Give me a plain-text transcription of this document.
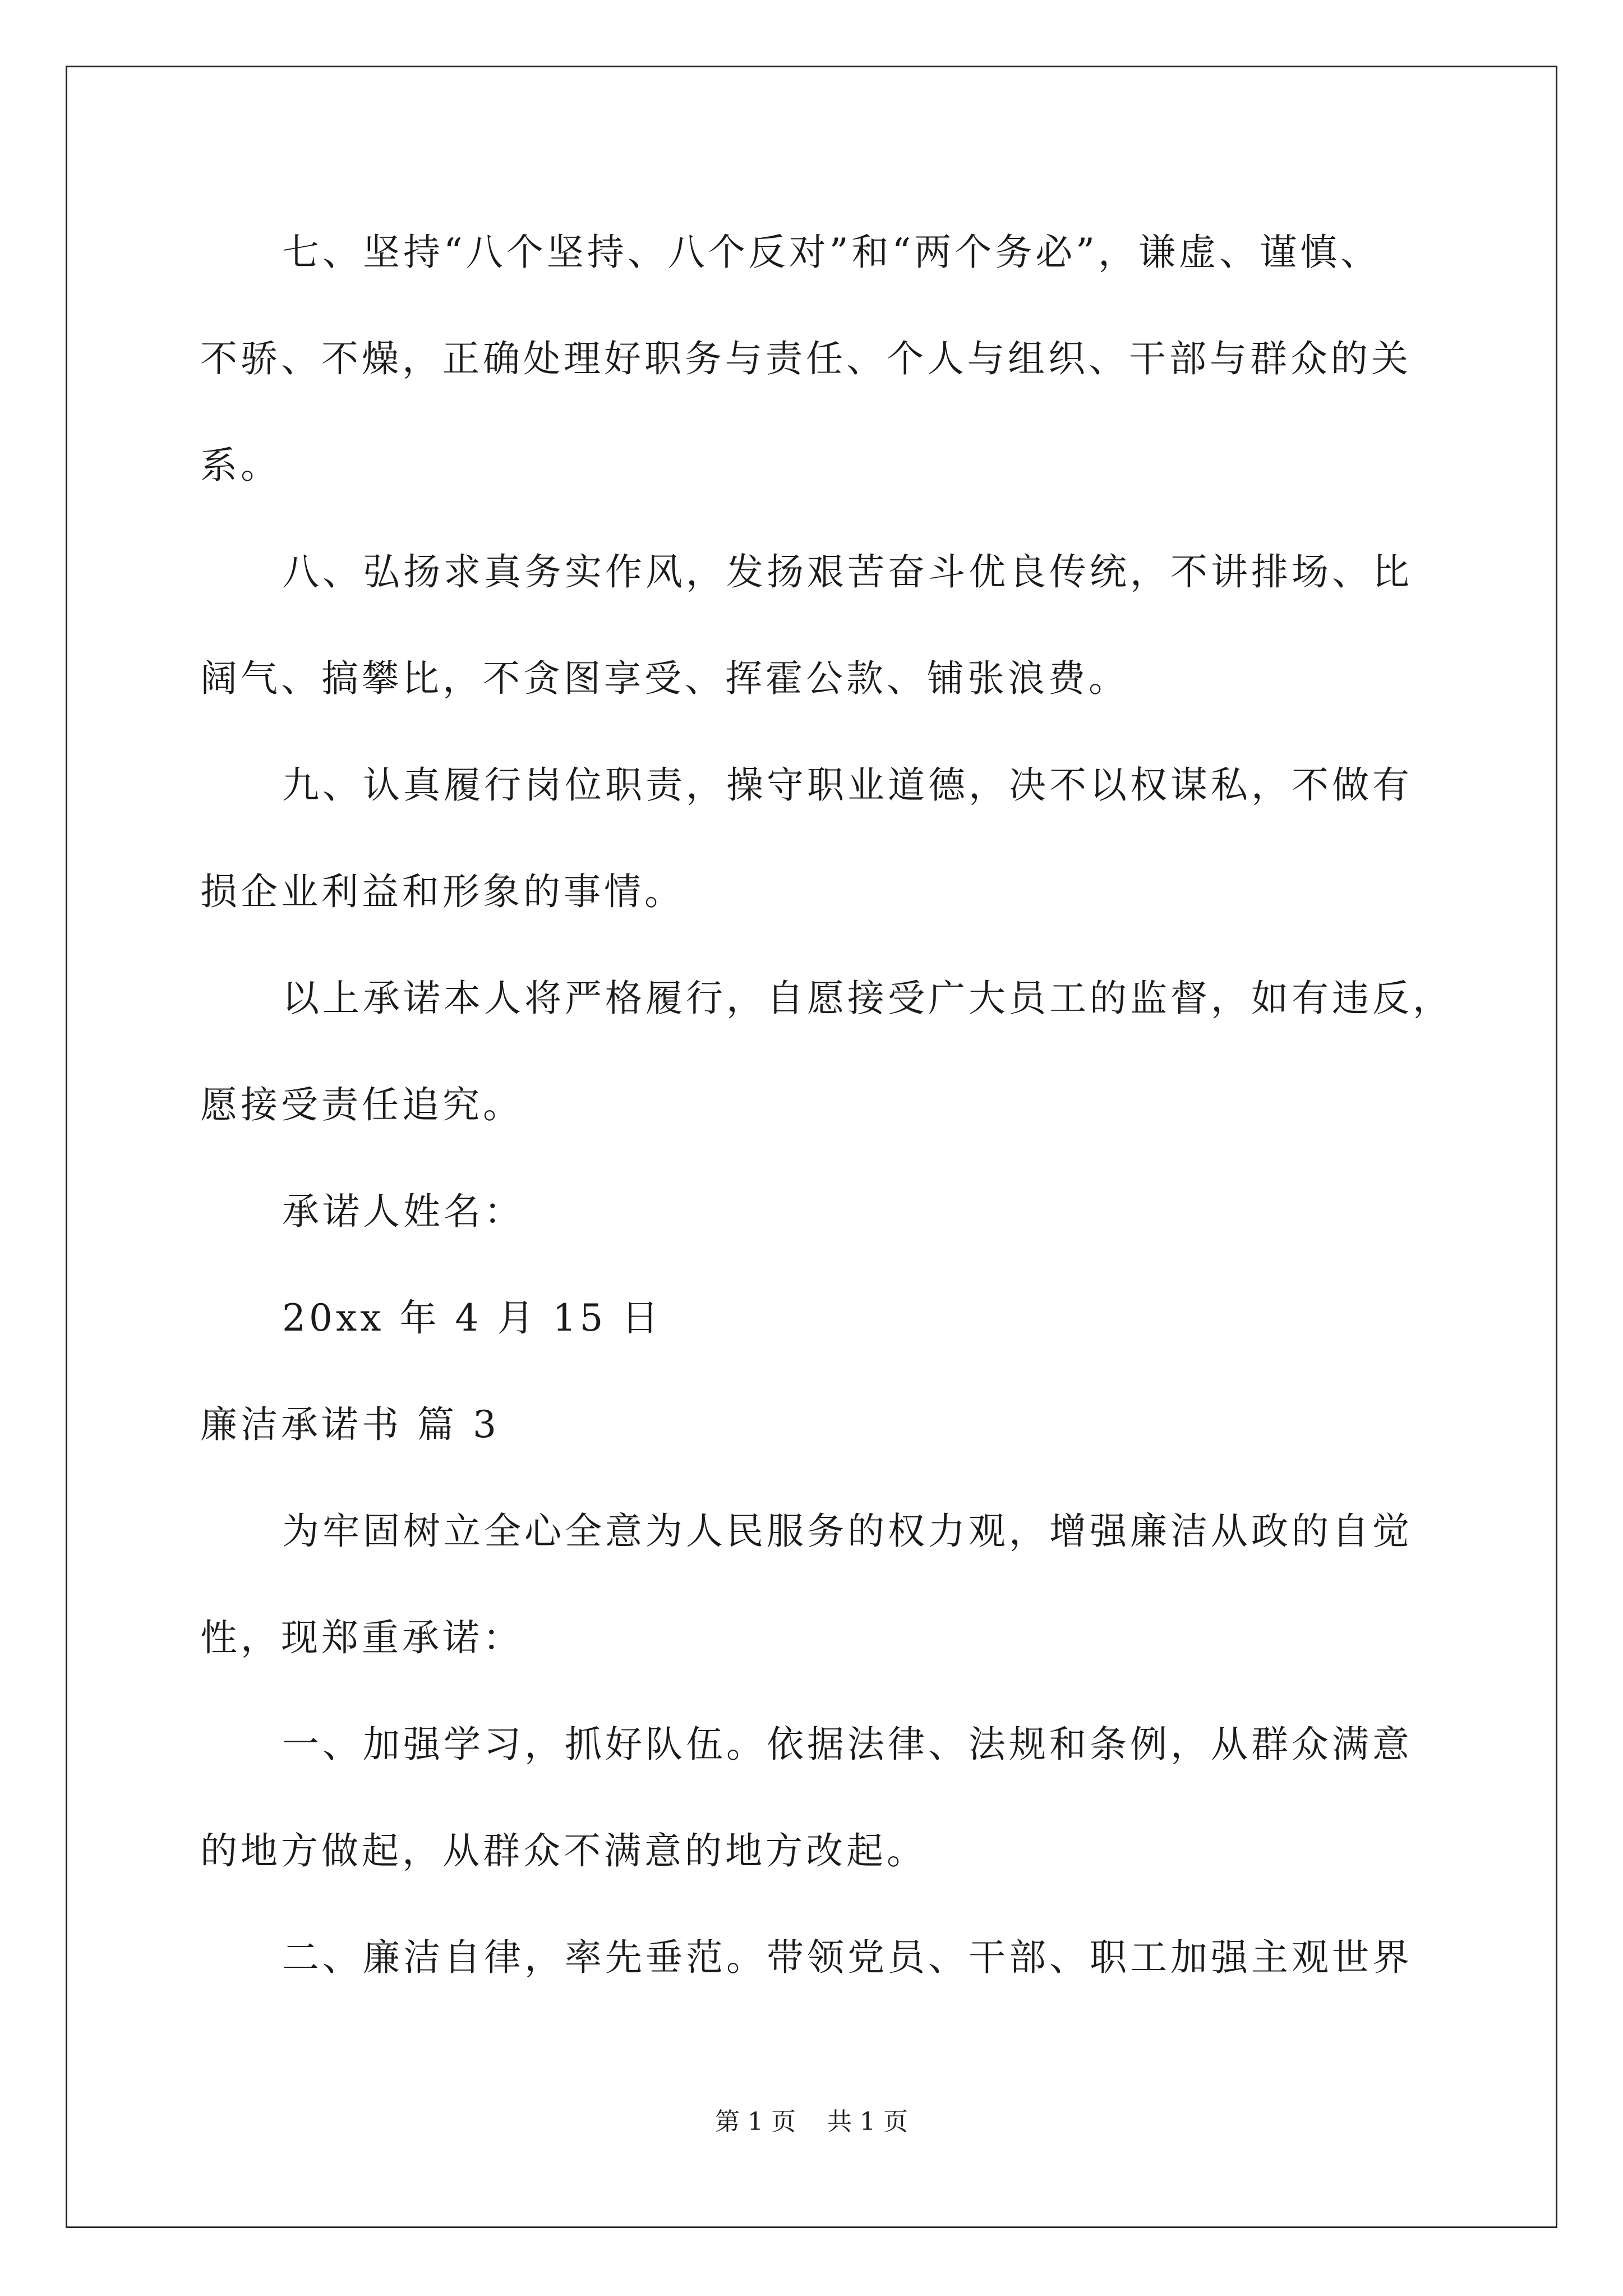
七、坚持“八个坚持、八个反对”和“两个务必”，谦虚、谨慎、
不骄、不燥，正确处理好职务与责任、个人与组织、干部与群众的关
系。
八、弘扬求真务实作风，发扬艰苦奋斗优良传统，不讲排场、比
阔气、搞攀比，不贪图享受、挥霍公款、铺张浪费。
九、认真履行岗位职责，操守职业道德，决不以权谋私，不做有
损企业利益和形象的事情。
以上承诺本人将严格履行，自愿接受广大员工的监督，如有违反，
愿接受责任追究。
承诺人姓名：
20xx 年 4 月 15 日
廉洁承诺书 篇 3
为牢固树立全心全意为人民服务的权力观，增强廉洁从政的自觉
性，现郑重承诺：
一、加强学习，抓好队伍。依据法律、法规和条例，从群众满意
的地方做起，从群众不满意的地方改起。
二、廉洁自律，率先垂范。带领党员、干部、职工加强主观世界
第 1 页    共 1 页
